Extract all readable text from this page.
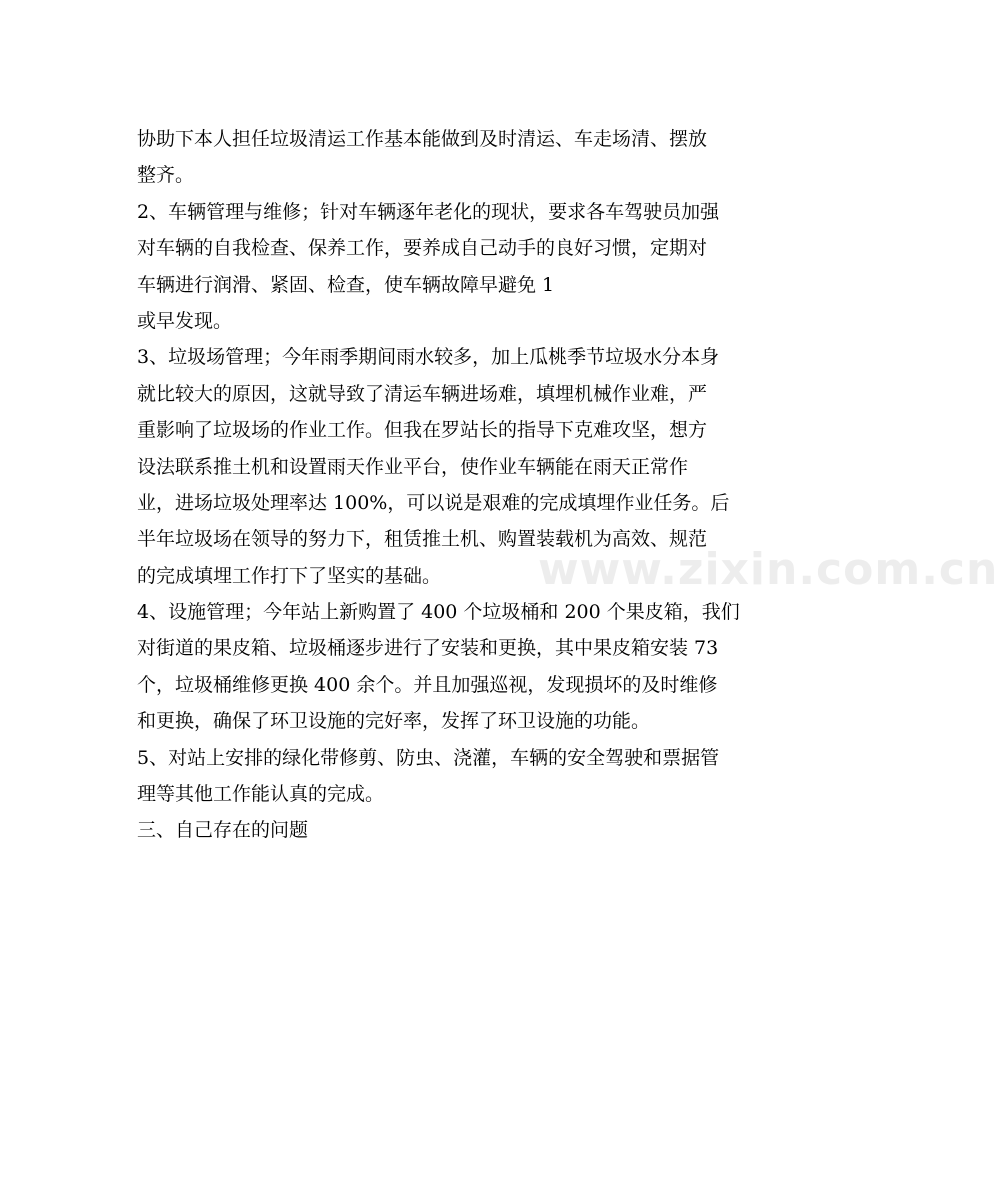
www.zixin.com.cn
协助下本人担任垃圾清运工作基本能做到及时清运、车走场清、摆放
整齐。
2、车辆管理与维修；针对车辆逐年老化的现状，要求各车驾驶员加强
对车辆的自我检查、保养工作，要养成自己动手的良好习惯，定期对
车辆进行润滑、紧固、检查，使车辆故障早避免 1
或早发现。
3、垃圾场管理；今年雨季期间雨水较多，加上瓜桃季节垃圾水分本身
就比较大的原因，这就导致了清运车辆进场难，填埋机械作业难，严
重影响了垃圾场的作业工作。但我在罗站长的指导下克难攻坚，想方
设法联系推土机和设置雨天作业平台，使作业车辆能在雨天正常作
业，进场垃圾处理率达 100%，可以说是艰难的完成填埋作业任务。后
半年垃圾场在领导的努力下，租赁推土机、购置装载机为高效、规范
的完成填埋工作打下了坚实的基础。
4、设施管理；今年站上新购置了 400 个垃圾桶和 200 个果皮箱，我们
对街道的果皮箱、垃圾桶逐步进行了安装和更换，其中果皮箱安装 73
个，垃圾桶维修更换 400 余个。并且加强巡视，发现损坏的及时维修
和更换，确保了环卫设施的完好率，发挥了环卫设施的功能。
5、对站上安排的绿化带修剪、防虫、浇灌，车辆的安全驾驶和票据管
理等其他工作能认真的完成。
三、自己存在的问题
